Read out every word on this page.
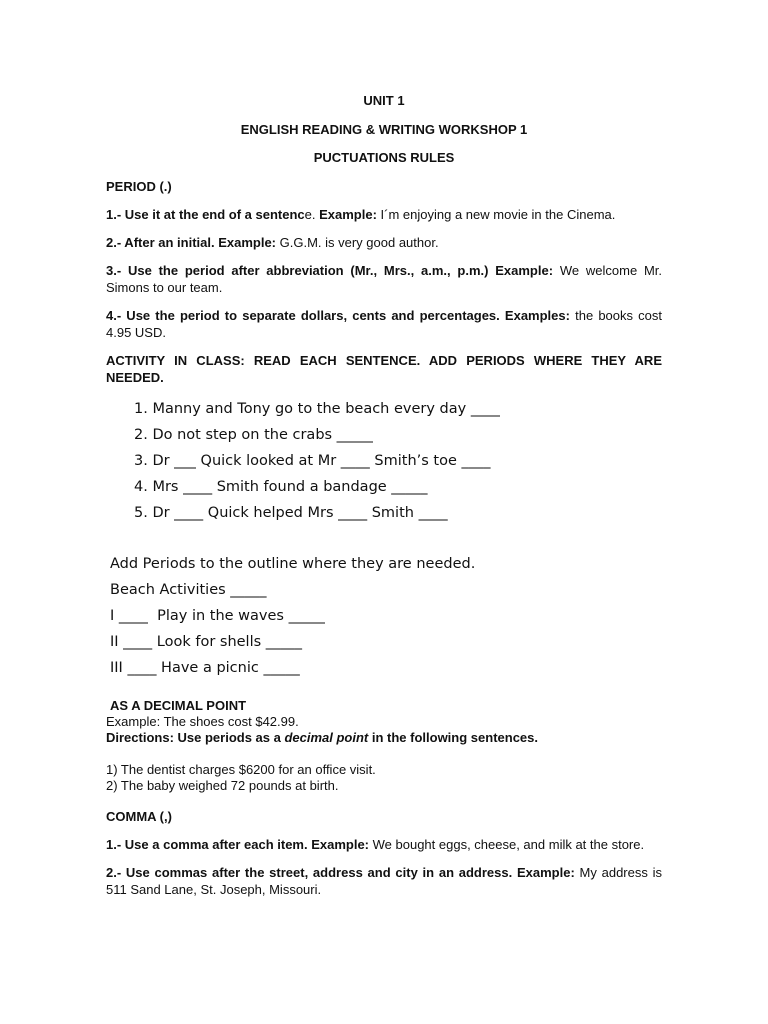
UNIT 1
ENGLISH READING & WRITING WORKSHOP 1
PUCTUATIONS RULES
PERIOD (.)
1.- Use it at the end of a sentence. Example: I´m enjoying a new movie in the Cinema.
2.- After an initial. Example: G.G.M. is very good author.
3.- Use the period after abbreviation (Mr., Mrs., a.m., p.m.) Example: We welcome Mr. Simons to our team.
4.- Use the period to separate dollars, cents and percentages. Examples: the books cost 4.95 USD.
ACTIVITY IN CLASS: READ EACH SENTENCE. ADD PERIODS WHERE THEY ARE NEEDED.
1. Manny and Tony go to the beach every day ____
2. Do not step on the crabs _____
3. Dr ___ Quick looked at Mr ____ Smith’s toe ____
4. Mrs ____ Smith found a bandage _____
5. Dr ____ Quick helped Mrs ____ Smith ____
Add Periods to the outline where they are needed.
Beach Activities _____
I ____  Play in the waves _____
II ____ Look for shells _____
III ____ Have a picnic _____
AS A DECIMAL POINT
Example: The shoes cost $42.99.
Directions: Use periods as a decimal point in the following sentences.
1) The dentist charges $6200 for an office visit.
2) The baby weighed 72 pounds at birth.
COMMA (,)
1.- Use a comma after each item. Example: We bought eggs, cheese, and milk at the store.
2.- Use commas after the street, address and city in an address. Example: My address is 511 Sand Lane, St. Joseph, Missouri.
